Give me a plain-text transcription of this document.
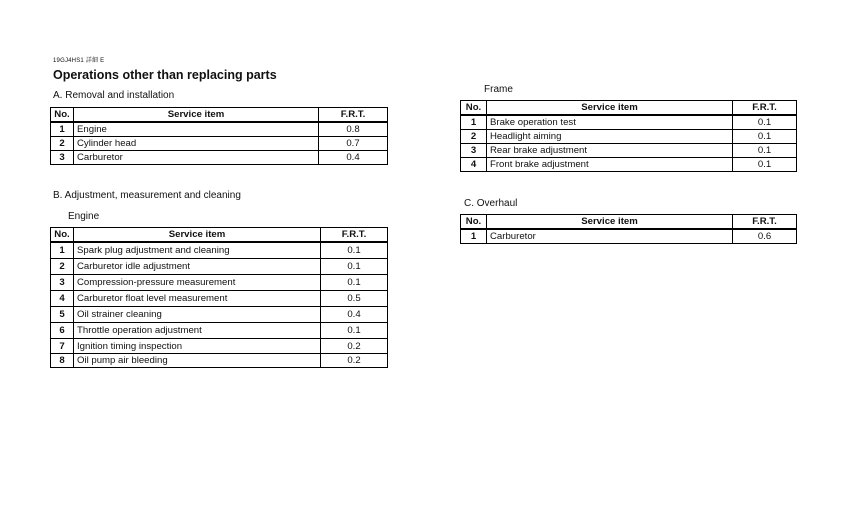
19GJ4HS1 詳細 E
Operations other than replacing parts
A. Removal and installation
No.	Service item	F.R.T.
1	Engine	0.8
2	Cylinder head	0.7
3	Carburetor	0.4
B. Adjustment, measurement and cleaning
Engine
No.	Service item	F.R.T.
1	Spark plug adjustment and cleaning	0.1
2	Carburetor idle adjustment	0.1
3	Compression-pressure measurement	0.1
4	Carburetor float level measurement	0.5
5	Oil strainer cleaning	0.4
6	Throttle operation adjustment	0.1
7	Ignition timing inspection	0.2
8	Oil pump air bleeding	0.2
Frame
No.	Service item	F.R.T.
1	Brake operation test	0.1
2	Headlight aiming	0.1
3	Rear brake adjustment	0.1
4	Front brake adjustment	0.1
C. Overhaul
No.	Service item	F.R.T.
1	Carburetor	0.6
